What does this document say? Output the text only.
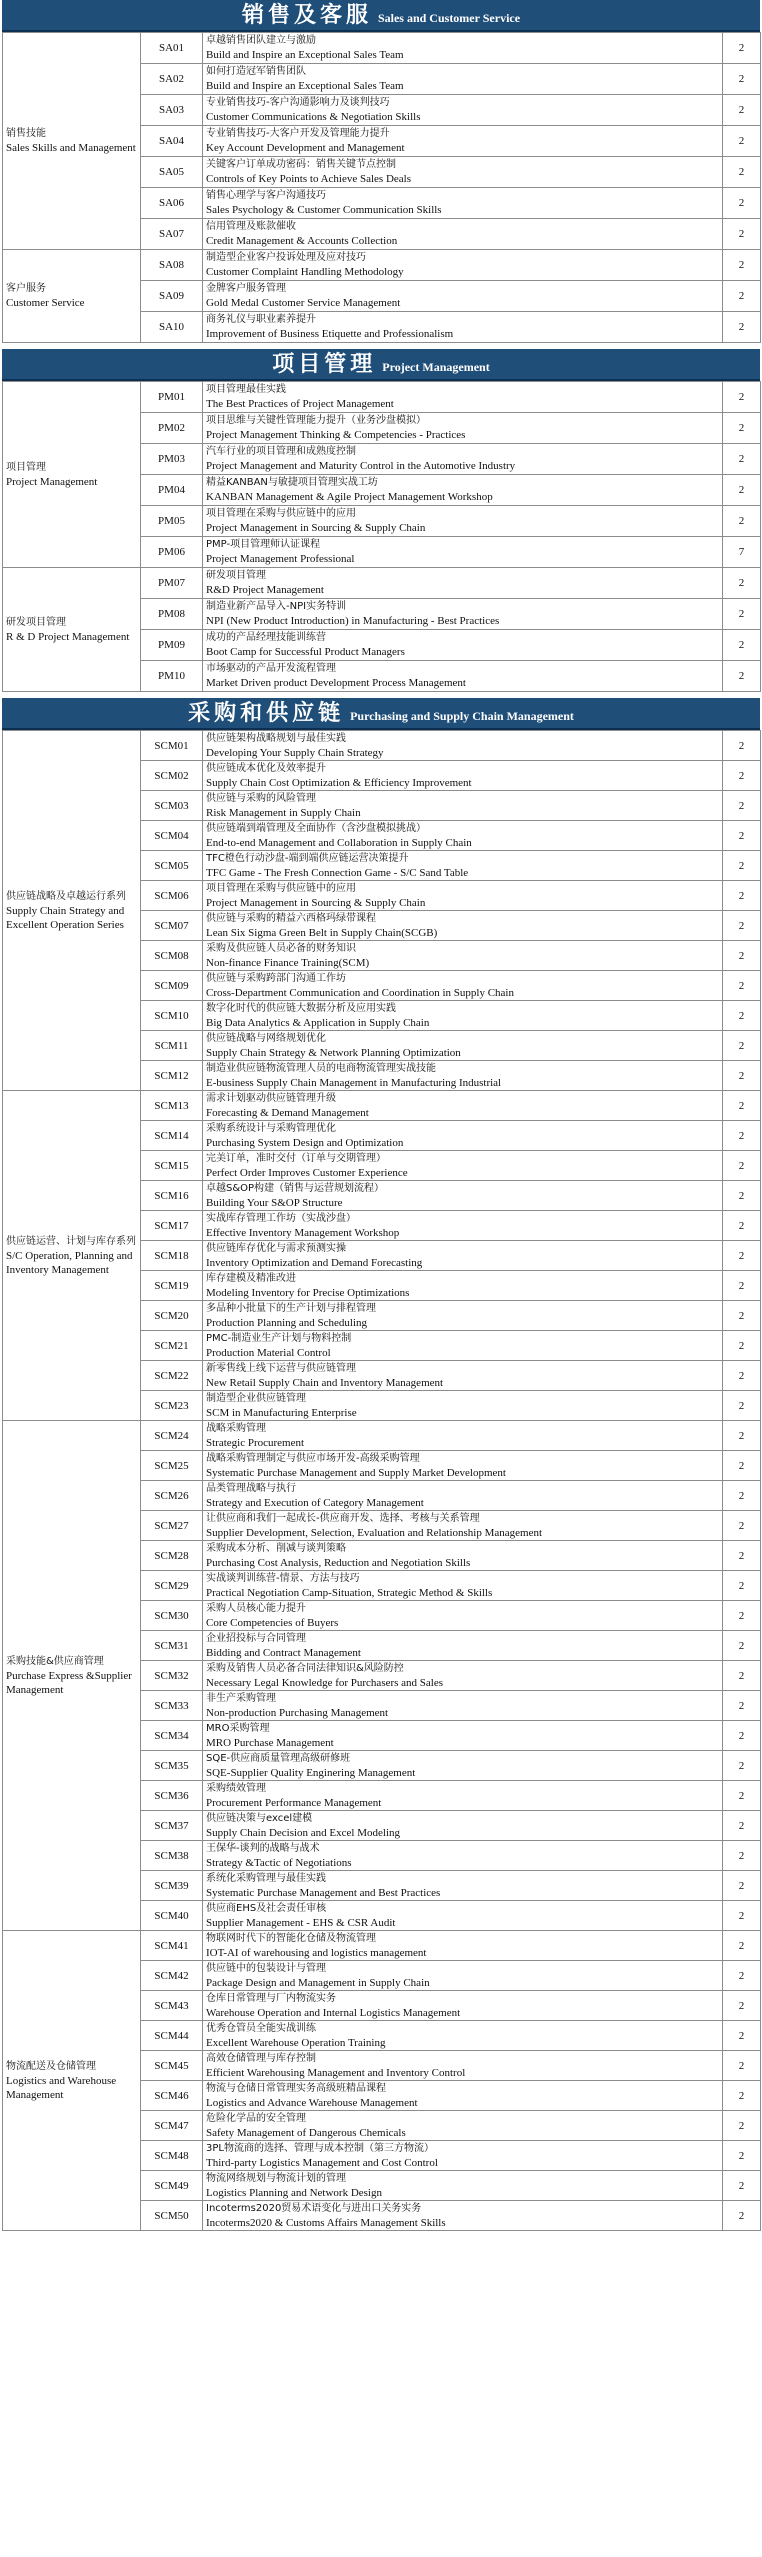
销售及客服 Sales and Customer Service
销售技能
Sales Skills and Management	SA01	卓越销售团队建立与激励
Build and Inspire an Exceptional Sales Team	2
	SA02	如何打造冠军销售团队
Build and Inspire an Exceptional Sales Team	2
	SA03	专业销售技巧-客户沟通影响力及谈判技巧
Customer Communications & Negotiation Skills	2
	SA04	专业销售技巧-大客户开发及管理能力提升
Key Account Development and Management	2
	SA05	关键客户订单成功密码：销售关键节点控制
Controls of Key Points to Achieve Sales Deals	2
	SA06	销售心理学与客户沟通技巧
Sales Psychology & Customer Communication Skills	2
	SA07	信用管理及账款催收
Credit Management & Accounts Collection	2

客户服务
Customer Service	SA08	制造型企业客户投诉处理及应对技巧
Customer Complaint Handling Methodology	2
	SA09	金牌客户服务管理
Gold Medal Customer Service Management	2
	SA10	商务礼仪与职业素养提升
Improvement of Business Etiquette and Professionalism	2
项目管理 Project Management
项目管理
Project Management	PM01	项目管理最佳实践
The Best Practices of Project Management	2
	PM02	项目思维与关键性管理能力提升（业务沙盘模拟）
Project Management Thinking & Competencies - Practices	2
	PM03	汽车行业的项目管理和成熟度控制
Project Management and Maturity Control in the Automotive Industry	2
	PM04	精益KANBAN与敏捷项目管理实战工坊
KANBAN Management & Agile Project Management Workshop	2
	PM05	项目管理在采购与供应链中的应用
Project Management in Sourcing & Supply Chain	2
	PM06	PMP-项目管理师认证课程
Project Management Professional	7

研发项目管理
R & D Project Management	PM07	研发项目管理
R&D Project Management	2
	PM08	制造业新产品导入-NPI实务特训
NPI (New Product Introduction) in Manufacturing - Best Practices	2
	PM09	成功的产品经理技能训练营
Boot Camp for Successful Product Managers	2
	PM10	市场驱动的产品开发流程管理
Market Driven product Development Process Management	2
采购和供应链 Purchasing and Supply Chain Management
供应链战略及卓越运行系列
Supply Chain Strategy and Excellent Operation Series	SCM01	供应链架构战略规划与最佳实践
Developing Your Supply Chain Strategy	2
	SCM02	供应链成本优化及效率提升
Supply Chain Cost Optimization & Efficiency Improvement	2
	SCM03	供应链与采购的风险管理
Risk Management in Supply Chain	2
	SCM04	供应链端到端管理及全面协作（含沙盘模拟挑战）
End-to-end Management and Collaboration in Supply Chain	2
	SCM05	TFC橙色行动沙盘-端到端供应链运营决策提升
TFC Game - The Fresh Connection Game - S/C Sand Table	2
	SCM06	项目管理在采购与供应链中的应用
Project Management in Sourcing & Supply Chain	2
	SCM07	供应链与采购的精益六西格玛绿带课程
Lean Six Sigma Green Belt in Supply Chain(SCGB)	2
	SCM08	采购及供应链人员必备的财务知识
Non-finance Finance Training(SCM)	2
	SCM09	供应链与采购跨部门沟通工作坊
Cross-Department Communication and Coordination in Supply Chain	2
	SCM10	数字化时代的供应链大数据分析及应用实践
Big Data Analytics & Application in Supply Chain	2
	SCM11	供应链战略与网络规划优化
Supply Chain Strategy & Network Planning Optimization	2
	SCM12	制造业供应链物流管理人员的电商物流管理实战技能
E-business Supply Chain Management in Manufacturing Industrial	2

供应链运营、计划与库存系列
S/C Operation, Planning and Inventory Management	SCM13	需求计划驱动供应链管理升级
Forecasting & Demand Management	2
	SCM14	采购系统设计与采购管理优化
Purchasing System Design and Optimization	2
	SCM15	完美订单，准时交付（订单与交期管理）
Perfect Order Improves Customer Experience	2
	SCM16	卓越S&OP构建（销售与运营规划流程）
Building Your S&OP Structure	2
	SCM17	实战库存管理工作坊（实战沙盘）
Effective Inventory Management Workshop	2
	SCM18	供应链库存优化与需求预测实操
Inventory Optimization and Demand Forecasting	2
	SCM19	库存建模及精准改进
Modeling Inventory for Precise Optimizations	2
	SCM20	多品种小批量下的生产计划与排程管理
Production Planning and Scheduling	2
	SCM21	PMC-制造业生产计划与物料控制
Production Material Control	2
	SCM22	新零售线上线下运营与供应链管理
New Retail Supply Chain and Inventory Management	2
	SCM23	制造型企业供应链管理
SCM in Manufacturing Enterprise	2

采购技能&供应商管理
Purchase Express &Supplier Management	SCM24	战略采购管理
Strategic Procurement	2
	SCM25	战略采购管理制定与供应市场开发-高级采购管理
Systematic Purchase Management and Supply Market Development	2
	SCM26	品类管理战略与执行
Strategy and Execution of Category Management	2
	SCM27	让供应商和我们一起成长-供应商开发、选择、考核与关系管理
Supplier Development, Selection, Evaluation and Relationship Management	2
	SCM28	采购成本分析、削减与谈判策略
Purchasing Cost Analysis, Reduction and Negotiation Skills	2
	SCM29	实战谈判训练营-情景、方法与技巧
Practical Negotiation Camp-Situation, Strategic Method & Skills	2
	SCM30	采购人员核心能力提升
Core Competencies of Buyers	2
	SCM31	企业招投标与合同管理
Bidding and Contract Management	2
	SCM32	采购及销售人员必备合同法律知识&风险防控
Necessary Legal Knowledge for Purchasers and Sales	2
	SCM33	非生产采购管理
Non-production Purchasing Management	2
	SCM34	MRO采购管理
MRO Purchase Management	2
	SCM35	SQE-供应商质量管理高级研修班
SQE-Supplier Quality Enginering Management	2
	SCM36	采购绩效管理
Procurement Performance Management	2
	SCM37	供应链决策与excel建模
Supply Chain Decision and Excel Modeling	2
	SCM38	王保华-谈判的战略与战术
Strategy &Tactic of Negotiations	2
	SCM39	系统化采购管理与最佳实践
Systematic Purchase Management and Best Practices	2
	SCM40	供应商EHS及社会责任审核
Supplier Management - EHS & CSR Audit	2

物流配送及仓储管理
Logistics and Warehouse Management	SCM41	物联网时代下的智能化仓储及物流管理
IOT-AI of warehousing and logistics management	2
	SCM42	供应链中的包装设计与管理
Package Design and Management in Supply Chain	2
	SCM43	仓库日常管理与厂内物流实务
Warehouse Operation and Internal Logistics Management	2
	SCM44	优秀仓管员全能实战训练
Excellent Warehouse Operation Training	2
	SCM45	高效仓储管理与库存控制
Efficient Warehousing Management and Inventory Control	2
	SCM46	物流与仓储日常管理实务高级班精品课程
Logistics and Advance Warehouse Management	2
	SCM47	危险化学品的安全管理
Safety Management of Dangerous Chemicals	2
	SCM48	3PL物流商的选择、管理与成本控制（第三方物流）
Third-party Logistics Management and Cost Control	2
	SCM49	物流网络规划与物流计划的管理
Logistics Planning and Network Design	2
	SCM50	Incoterms2020贸易术语变化与进出口关务实务
Incoterms2020 & Customs Affairs Management Skills	2
